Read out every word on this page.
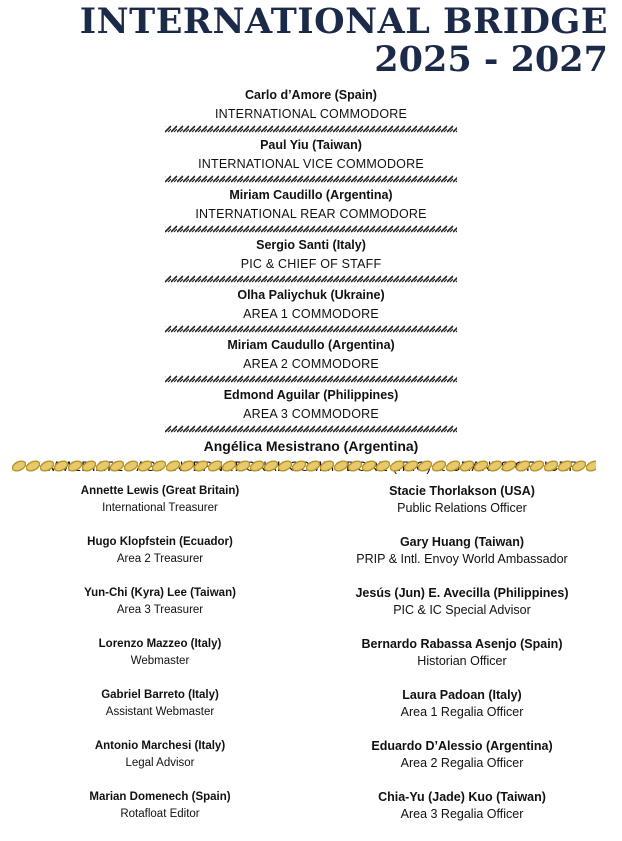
INTERNATIONAL BRIDGE
2025 - 2027
Carlo d’Amore (Spain)
INTERNATIONAL COMMODORE
Paul Yiu (Taiwan)
INTERNATIONAL VICE COMMODORE
Miriam Caudillo (Argentina)
INTERNATIONAL REAR COMMODORE
Sergio Santi (Italy)
PIC & CHIEF OF STAFF
Olha Paliychuk (Ukraine)
AREA 1 COMMODORE
Miriam Caudullo (Argentina)
AREA 2 COMMODORE
Edmond Aguilar (Philippines)
AREA 3 COMMODORE
Angélica Mesistrano (Argentina)
Annette Lewis (Great Britain)
International Treasurer
Hugo Klopfstein (Ecuador)
Area 2 Treasurer
Yun-Chi (Kyra) Lee (Taiwan)
Area 3 Treasurer
Lorenzo Mazzeo (Italy)
Webmaster
Gabriel Barreto (Italy)
Assistant Webmaster
Antonio Marchesi (Italy)
Legal Advisor
Marian Domenech (Spain)
Rotafloat Editor
Stacie Thorlakson (USA)
Public Relations Officer
Gary Huang (Taiwan)
PRIP & Intl. Envoy World Ambassador
Jesús (Jun) E. Avecilla (Philippines)
PIC & IC Special Advisor
Bernardo Rabassa Asenjo (Spain)
Historian Officer
Laura Padoan (Italy)
Area 1 Regalia Officer
Eduardo D’Alessio (Argentina)
Area 2 Regalia Officer
Chia-Yu (Jade) Kuo (Taiwan)
Area 3 Regalia Officer
